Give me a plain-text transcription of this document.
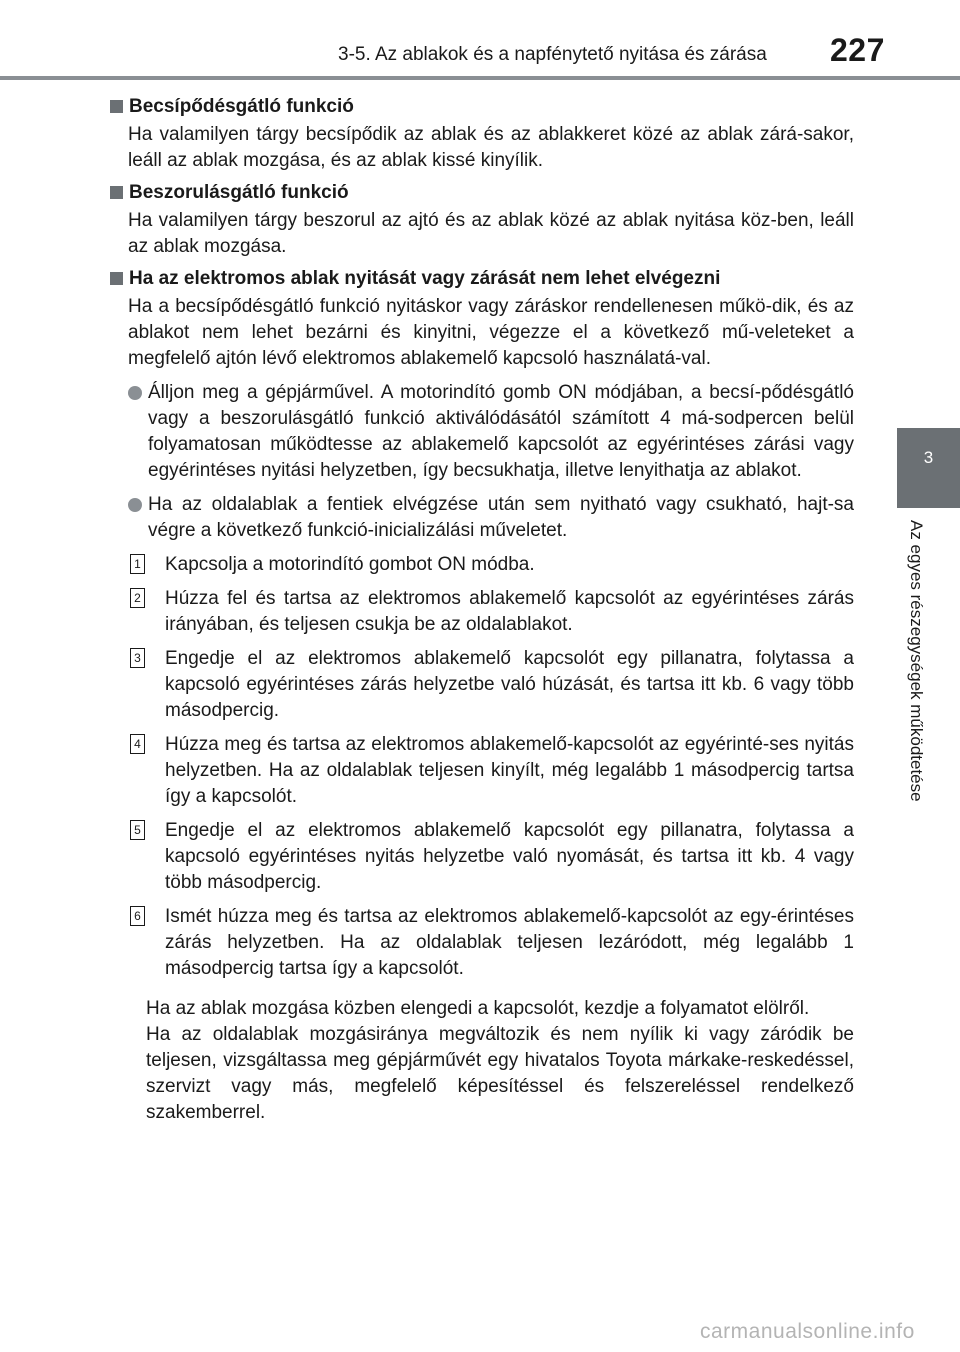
3-5. Az ablakok és a napfénytető nyitása és zárása 227
3
Az egyes részegységek működtetése
Becsípődésgátló funkció
Ha valamilyen tárgy becsípődik az ablak és az ablakkeret közé az ablak zárá-sakor, leáll az ablak mozgása, és az ablak kissé kinyílik.
Beszorulásgátló funkció
Ha valamilyen tárgy beszorul az ajtó és az ablak közé az ablak nyitása köz-ben, leáll az ablak mozgása.
Ha az elektromos ablak nyitását vagy zárását nem lehet elvégezni
Ha a becsípődésgátló funkció nyitáskor vagy záráskor rendellenesen műkö-dik, és az ablakot nem lehet bezárni és kinyitni, végezze el a következő mű-veleteket a megfelelő ajtón lévő elektromos ablakemelő kapcsoló használatá-val.
Álljon meg a gépjárművel. A motorindító gomb ON módjában, a becsí-pődésgátló vagy a beszorulásgátló funkció aktiválódásától számított 4 má-sodpercen belül folyamatosan működtesse az ablakemelő kapcsolót az egyérintéses zárási vagy egyérintéses nyitási helyzetben, így becsukhatja, illetve lenyithatja az ablakot.
Ha az oldalablak a fentiek elvégzése után sem nyitható vagy csukható, hajt-sa végre a következő funkció-inicializálási műveletet.
1 Kapcsolja a motorindító gombot ON módba.
2 Húzza fel és tartsa az elektromos ablakemelő kapcsolót az egyérintéses zárás irányában, és teljesen csukja be az oldalablakot.
3 Engedje el az elektromos ablakemelő kapcsolót egy pillanatra, folytassa a kapcsoló egyérintéses zárás helyzetbe való húzását, és tartsa itt kb. 6 vagy több másodpercig.
4 Húzza meg és tartsa az elektromos ablakemelő-kapcsolót az egyérinté-ses nyitás helyzetben. Ha az oldalablak teljesen kinyílt, még legalább 1 másodpercig tartsa így a kapcsolót.
5 Engedje el az elektromos ablakemelő kapcsolót egy pillanatra, folytassa a kapcsoló egyérintéses nyitás helyzetbe való nyomását, és tartsa itt kb. 4 vagy több másodpercig.
6 Ismét húzza meg és tartsa az elektromos ablakemelő-kapcsolót az egy-érintéses zárás helyzetben. Ha az oldalablak teljesen lezáródott, még legalább 1 másodpercig tartsa így a kapcsolót.
Ha az ablak mozgása közben elengedi a kapcsolót, kezdje a folyamatot elölről.
Ha az oldalablak mozgásiránya megváltozik és nem nyílik ki vagy záródik be teljesen, vizsgáltassa meg gépjárművét egy hivatalos Toyota márkake-reskedéssel, szervizt vagy más, megfelelő képesítéssel és felszereléssel rendelkező szakemberrel.
carmanualsonline.info
